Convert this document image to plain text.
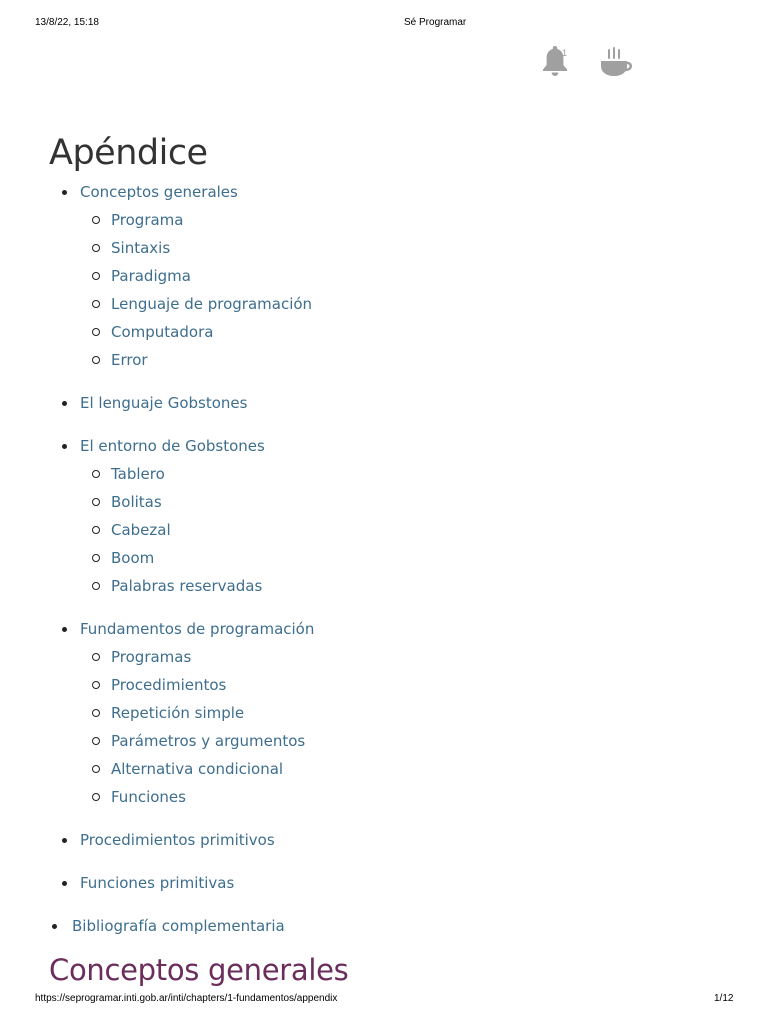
13/8/22, 15:18	Sé Programar
1
Apéndice
Conceptos generales
Programa
Sintaxis
Paradigma
Lenguaje de programación
Computadora
Error
El lenguaje Gobstones
El entorno de Gobstones
Tablero
Bolitas
Cabezal
Boom
Palabras reservadas
Fundamentos de programación
Programas
Procedimientos
Repetición simple
Parámetros y argumentos
Alternativa condicional
Funciones
Procedimientos primitivos
Funciones primitivas
Bibliografía complementaria
Conceptos generales
https://seprogramar.inti.gob.ar/inti/chapters/1-fundamentos/appendix	1/12
